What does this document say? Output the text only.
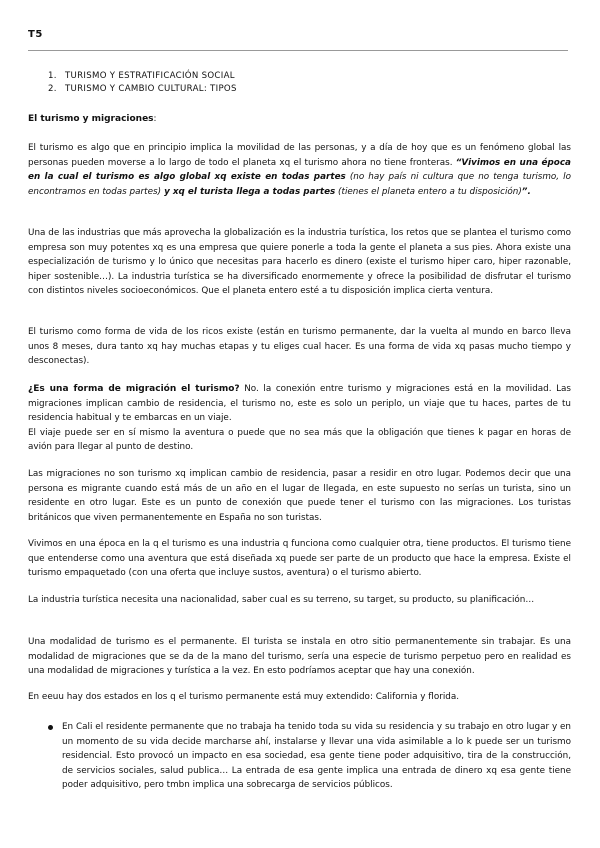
T5
1. TURISMO Y ESTRATIFICACIÓN SOCIAL
2. TURISMO Y CAMBIO CULTURAL: TIPOS

El turismo y migraciones:

El turismo es algo que en principio implica la movilidad de las personas, y a día de hoy que es un fenómeno global las personas pueden moverse a lo largo de todo el planeta xq el turismo ahora no tiene fronteras. “Vivimos en una época en la cual el turismo es algo global xq existe en todas partes (no hay país ni cultura que no tenga turismo, lo encontramos en todas partes) y xq el turista llega a todas partes (tienes el planeta entero a tu disposición)”.

Una de las industrias que más aprovecha la globalización es la industria turística, los retos que se plantea el turismo como empresa son muy potentes xq es una empresa que quiere ponerle a toda la gente el planeta a sus pies. Ahora existe una especialización de turismo y lo único que necesitas para hacerlo es dinero (existe el turismo hiper caro, hiper razonable, hiper sostenible…). La industria turística se ha diversificado enormemente y ofrece la posibilidad de disfrutar el turismo con distintos niveles socioeconómicos. Que el planeta entero esté a tu disposición implica cierta ventura.

El turismo como forma de vida de los ricos existe (están en turismo permanente, dar la vuelta al mundo en barco lleva unos 8 meses, dura tanto xq hay muchas etapas y tu eliges cual hacer. Es una forma de vida xq pasas mucho tiempo y desconectas).

¿Es una forma de migración el turismo? No. la conexión entre turismo y migraciones está en la movilidad. Las migraciones implican cambio de residencia, el turismo no, este es solo un periplo, un viaje que tu haces, partes de tu residencia habitual y te embarcas en un viaje.
El viaje puede ser en sí mismo la aventura o puede que no sea más que la obligación que tienes k pagar en horas de avión para llegar al punto de destino.

Las migraciones no son turismo xq implican cambio de residencia, pasar a residir en otro lugar. Podemos decir que una persona es migrante cuando está más de un año en el lugar de llegada, en este supuesto no serías un turista, sino un residente en otro lugar. Este es un punto de conexión que puede tener el turismo con las migraciones. Los turistas británicos que viven permanentemente en España no son turistas.

Vivimos en una época en la q el turismo es una industria q funciona como cualquier otra, tiene productos. El turismo tiene que entenderse como una aventura que está diseñada xq puede ser parte de un producto que hace la empresa. Existe el turismo empaquetado (con una oferta que incluye sustos, aventura) o el turismo abierto.

La industria turística necesita una nacionalidad, saber cual es su terreno, su target, su producto, su planificación…

Una modalidad de turismo es el permanente. El turista se instala en otro sitio permanentemente sin trabajar. Es una modalidad de migraciones que se da de la mano del turismo, sería una especie de turismo perpetuo pero en realidad es una modalidad de migraciones y turística a la vez. En esto podríamos aceptar que hay una conexión.

En eeuu hay dos estados en los q el turismo permanente está muy extendido: California y florida.

En Cali el residente permanente que no trabaja ha tenido toda su vida su residencia y su trabajo en otro lugar y en un momento de su vida decide marcharse ahí, instalarse y llevar una vida asimilable a lo k puede ser un turismo residencial. Esto provocó un impacto en esa sociedad, esa gente tiene poder adquisitivo, tira de la construcción, de servicios sociales, salud publica… La entrada de esa gente implica una entrada de dinero xq esa gente tiene poder adquisitivo, pero tmbn implica una sobrecarga de servicios públicos.
